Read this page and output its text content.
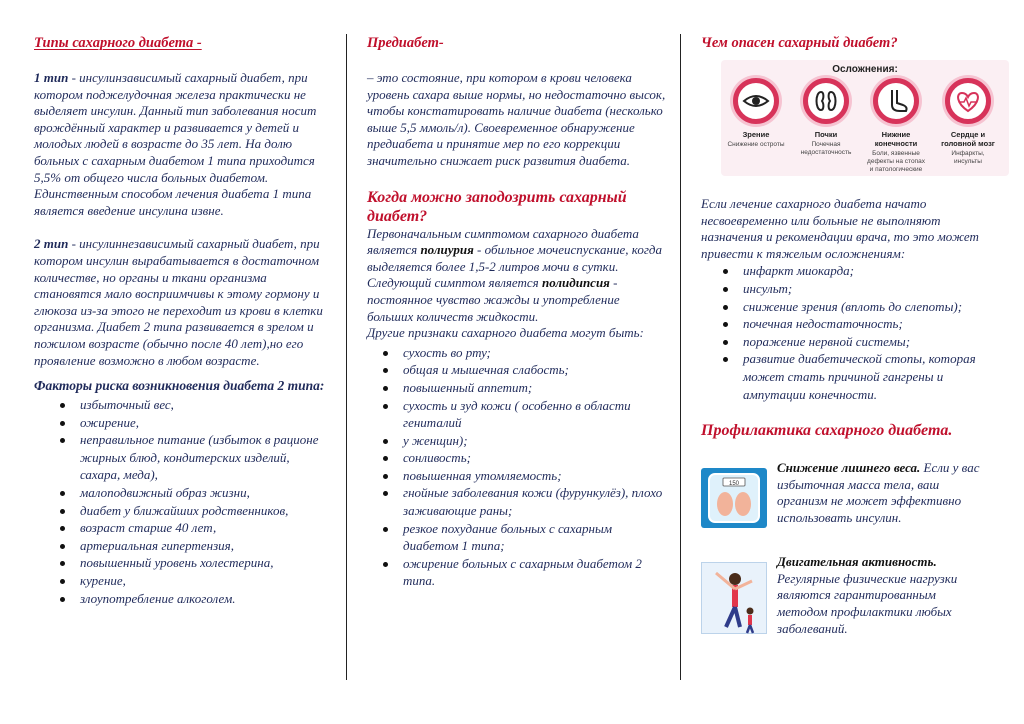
Типы сахарного диабета -

1 тип - инсулинзависимый сахарный диабет, при котором поджелудочная железа практически не выделяет инсулин. Данный тип заболевания носит врождённый характер и развивается у детей и молодых людей в возрасте до 35 лет. На долю больных с сахарным диабетом 1 типа приходится 5,5% от общего числа больных диабетом. Единственным способом лечения диабета 1 типа является введение инсулина извне.

2 тип - инсулиннезависимый сахарный диабет, при котором инсулин вырабатывается в достаточном количестве, но органы и ткани организма становятся мало восприимчивы к этому гормону и глюкоза из-за этого не переходит из крови в клетки организма. Диабет 2 типа развивается в зрелом и пожилом возрасте (обычно после 40 лет),но его проявление возможно в любом возрасте.

Факторы риска возникновения диабета 2 типа:

избыточный вес,
ожирение,
неправильное питание (избыток в рационе жирных блюд, кондитерских изделий, сахара, меда),
малоподвижный образ жизни,
диабет у ближайших родственников,
возраст старше 40 лет,
артериальная гипертензия,
повышенный уровень холестерина,
курение,
злоупотребление алкоголем.

Предиабет-

– это состояние, при котором в крови человека уровень сахара выше нормы, но недостаточно высок, чтобы констатировать наличие диабета (несколько выше 5,5 ммоль/л). Своевременное обнаружение предиабета и принятие мер по его коррекции значительно снижает риск развития диабета.

Когда можно заподозрить сахарный диабет?

Первоначальным симптомом сахарного диабета является полиурия - обильное мочеиспускание, когда выделяется более 1,5-2 литров мочи в сутки.

Следующий симптом является полидипсия - постоянное чувство жажды и употребление больших количеств жидкости.

Другие признаки сахарного диабета могут быть:

сухость во рту;
общая и мышечная слабость;
повышенный аппетит;
сухость и зуд кожи ( особенно в области гениталий
у женщин);
сонливость;
повышенная утомляемость;
гнойные заболевания кожи (фурункулёз), плохо заживающие раны;
резкое похудание больных с сахарным диабетом 1 типа;
ожирение больных с сахарным диабетом 2 типа.

Чем опасен сахарный диабет?

Осложнения:
Зрение
Снижение остроты
Почки
Почечная недостаточность
Нижние конечности
Боли, язвенные дефекты на стопах и патологические
Сердце и головной мозг
Инфаркты, инсульты

Если лечение сахарного диабета начато несвоевременно или больные не выполняют назначения и рекомендации врача, то это может привести к тяжелым осложнениям:

инфаркт миокарда;
инсульт;
снижение зрения (вплоть до слепоты);
почечная недостаточность;
поражение нервной системы;
развитие диабетической стопы, которая может стать причиной гангрены и ампутации конечности.

Профилактика сахарного диабета.

150

Снижение лишнего веса. Если у вас избыточная масса тела, ваш организм не может эффективно использовать инсулин.

Двигательная активность.
Регулярные физические нагрузки являются гарантированным методом профилактики любых заболеваний.
